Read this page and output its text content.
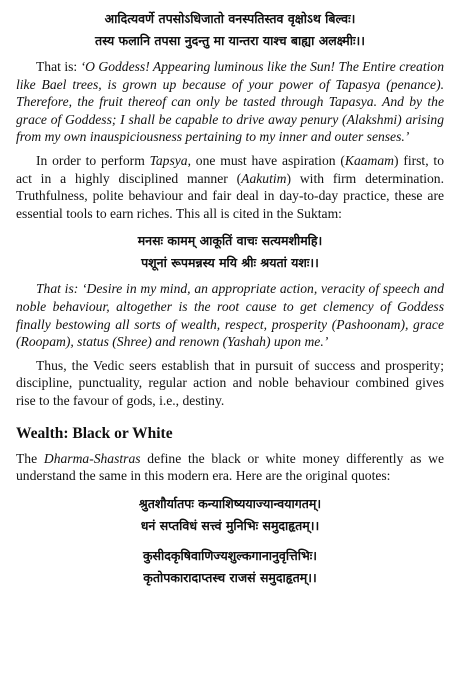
आदित्यवर्णे तपसोऽधिजातो वनस्पतिस्तव वृक्षोऽथ बिल्वः।
तस्य फलानि तपसा नुदन्तु मा यान्तरा याश्च बाह्या अलक्ष्मीः।।

That is: ‘O Goddess! Appearing luminous like the Sun! The Entire creation like Bael trees, is grown up because of your power of Tapasya (penance). Therefore, the fruit thereof can only be tasted through Tapasya. And by the grace of Goddess; I shall be capable to drive away penury (Alakshmi) arising from my own inauspiciousness pertaining to my inner and outer senses.’

In order to perform Tapsya, one must have aspiration (Kaamam) first, to act in a highly disciplined manner (Aakutim) with firm determination. Truthfulness, polite behaviour and fair deal in day-to-day practice, these are essential tools to earn riches. This all is cited in the Suktam:

मनसः कामम् आकूतिं वाचः सत्यमशीमहि।
पशूनां रूपमन्नस्य मयि श्रीः श्रयतां यशः।।

That is: ‘Desire in my mind, an appropriate action, veracity of speech and noble behaviour, altogether is the root cause to get clemency of Goddess finally bestowing all sorts of wealth, respect, prosperity (Pashoonam), grace (Roopam), status (Shree) and renown (Yashah) upon me.’

Thus, the Vedic seers establish that in pursuit of success and prosperity; discipline, punctuality, regular action and noble behaviour combined gives rise to the favour of gods, i.e., destiny.

Wealth: Black or White

The Dharma-Shastras define the black or white money differently as we understand the same in this modern era. Here are the original quotes:

श्रुतशौर्यातपः कन्याशिष्ययाज्यान्वयागतम्।
धनं सप्तविधं सत्त्वं मुनिभिः समुदाहृतम्।।
कुसीदकृषिवाणिज्यशुल्कगानानुवृत्तिभिः।
कृतोपकारादाप्तस्च राजसं समुदाहृतम्।।
